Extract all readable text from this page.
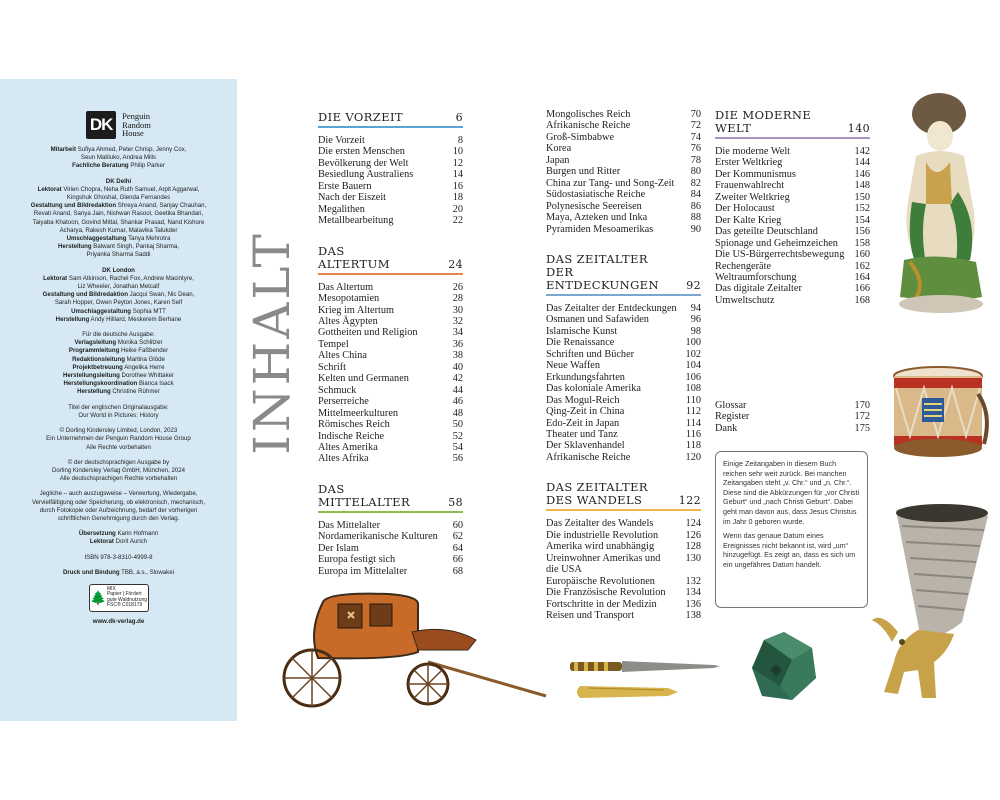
DK	Penguin
Random
House
Mitarbeit Sufiya Ahmed, Peter Chrisp, Jenny Cox,
Seun Matiluko, Andrea Mills
Fachliche Beratung Philip Parker
DK Delhi
Lektorat Virien Chopra, Neha Ruth Samuel, Arpit Aggarwal,
Kingshuk Ghoshal, Glenda Fernandes
Gestaltung und Bildredaktion Shreya Anand, Sanjay Chauhan,
Revati Anand, Sanya Jain, Nishwan Rasool, Geetika Bhandari,
Taiyaba Khatoon, Govind Mittal, Shankar Prasad, Nand Kishore
Acharya, Rakesh Kumar, Malavika Talukder
Umschlaggestaltung Tanya Mehrotra
Herstellung Balwant Singh, Pankaj Sharma,
Priyanka Sharma Saddi
DK London
Lektorat Sam Atkinson, Rachel Fox, Andrew Macintyre,
Liz Wheeler, Jonathan Metcalf
Gestaltung und Bildredaktion Jacqui Swan, Nic Dean,
Sarah Hopper, Owen Peyton Jones, Karen Self
Umschlaggestaltung Sophia MTT
Herstellung Andy Hilliard, Meskerem Berhane
Für die deutsche Ausgabe:
Verlagsleitung Monika Schlitzer
Programmleitung Heike Faßbender
Redaktionsleitung Martina Glöde
Projektbetreuung Angelika Herre
Herstellungsleitung Dorothee Whittaker
Herstellungskoordination Bianca Isack
Herstellung Christine Rühmer
Titel der englischen Originalausgabe:
Our World in Pictures: History
© Dorling Kindersley Limited, London, 2023
Ein Unternehmen der Penguin Random House Group
Alle Rechte vorbehalten
© der deutschsprachigen Ausgabe by
Dorling Kindersley Verlag GmbH, München, 2024
Alle deutschsprachigen Rechte vorbehalten
Jegliche – auch auszugsweise – Verwertung, Wiedergabe,
Vervielfältigung oder Speicherung, ob elektronisch, mechanisch,
durch Fotokopie oder Aufzeichnung, bedarf der vorherigen
schriftlichen Genehmigung durch den Verlag.
Übersetzung Karin Hofmann
Lektorat Dorit Aurich
ISBN 978-3-8310-4999-8
Druck und Bindung TBB, a.s., Slowakei
🌲
MIX
Papier | Fördert
gute Waldnutzung
FSC® C018179
www.dk-verlag.de
INHALT
DIE VORZEIT	6
Die Vorzeit	8
Die ersten Menschen	10
Bevölkerung der Welt	12
Besiedlung Australiens	14
Erste Bauern	16
Nach der Eiszeit	18
Megalithen	20
Metallbearbeitung	22
DAS
ALTERTUM	24
Das Altertum	26
Mesopotamien	28
Krieg im Altertum	30
Altes Ägypten	32
Gottheiten und Religion	34
Tempel	36
Altes China	38
Schrift	40
Kelten und Germanen	42
Schmuck	44
Perserreiche	46
Mittelmeerkulturen	48
Römisches Reich	50
Indische Reiche	52
Altes Amerika	54
Altes Afrika	56
DAS
MITTELALTER	58
Das Mittelalter	60
Nordamerikanische Kulturen	62
Der Islam	64
Europa festigt sich	66
Europa im Mittelalter	68
Mongolisches Reich	70
Afrikanische Reiche	72
Groß-Simbabwe	74
Korea	76
Japan	78
Burgen und Ritter	80
China zur Tang- und Song-Zeit	82
Südostasiatische Reiche	84
Polynesische Seereisen	86
Maya, Azteken und Inka	88
Pyramiden Mesoamerikas	90
DAS ZEITALTER
DER ENTDECKUNGEN	92
Das Zeitalter der Entdeckungen	94
Osmanen und Safawiden	96
Islamische Kunst	98
Die Renaissance	100
Schriften und Bücher	102
Neue Waffen	104
Erkundungsfahrten	106
Das koloniale Amerika	108
Das Mogul-Reich	110
Qing-Zeit in China	112
Edo-Zeit in Japan	114
Theater und Tanz	116
Der Sklavenhandel	118
Afrikanische Reiche	120
DAS ZEITALTER
DES WANDELS	122
Das Zeitalter des Wandels	124
Die industrielle Revolution	126
Amerika wird unabhängig	128
Ureinwohner Amerikas und
die USA
130
Europäische Revolutionen	132
Die Französische Revolution	134
Fortschritte in der Medizin	136
Reisen und Transport	138
DIE MODERNE
WELT	140
Die moderne Welt	142
Erster Weltkrieg	144
Der Kommunismus	146
Frauenwahlrecht	148
Zweiter Weltkrieg	150
Der Holocaust	152
Der Kalte Krieg	154
Das geteilte Deutschland	156
Spionage und Geheimzeichen	158
Die US-Bürgerrechtsbewegung 160
Rechengeräte	162
Weltraumforschung	164
Das digitale Zeitalter	166
Umweltschutz	168
Glossar	170
Register	172
Dank	175

Einige Zeitangaben in diesem Buch reichen sehr weit zurück. Bei manchen Zeitangaben steht „v. Chr.“ und „n. Chr.“. Diese sind die Abkürzungen für „vor Christi Geburt“ und „nach Christi Geburt“. Dabei geht man davon aus, dass Jesus Christus im Jahr 0 geboren wurde.

Wenn das genaue Datum eines Ereignisses nicht bekannt ist, wird „um“ hinzugefügt. Es zeigt an, dass es sich um ein ungefähres Datum handelt.
